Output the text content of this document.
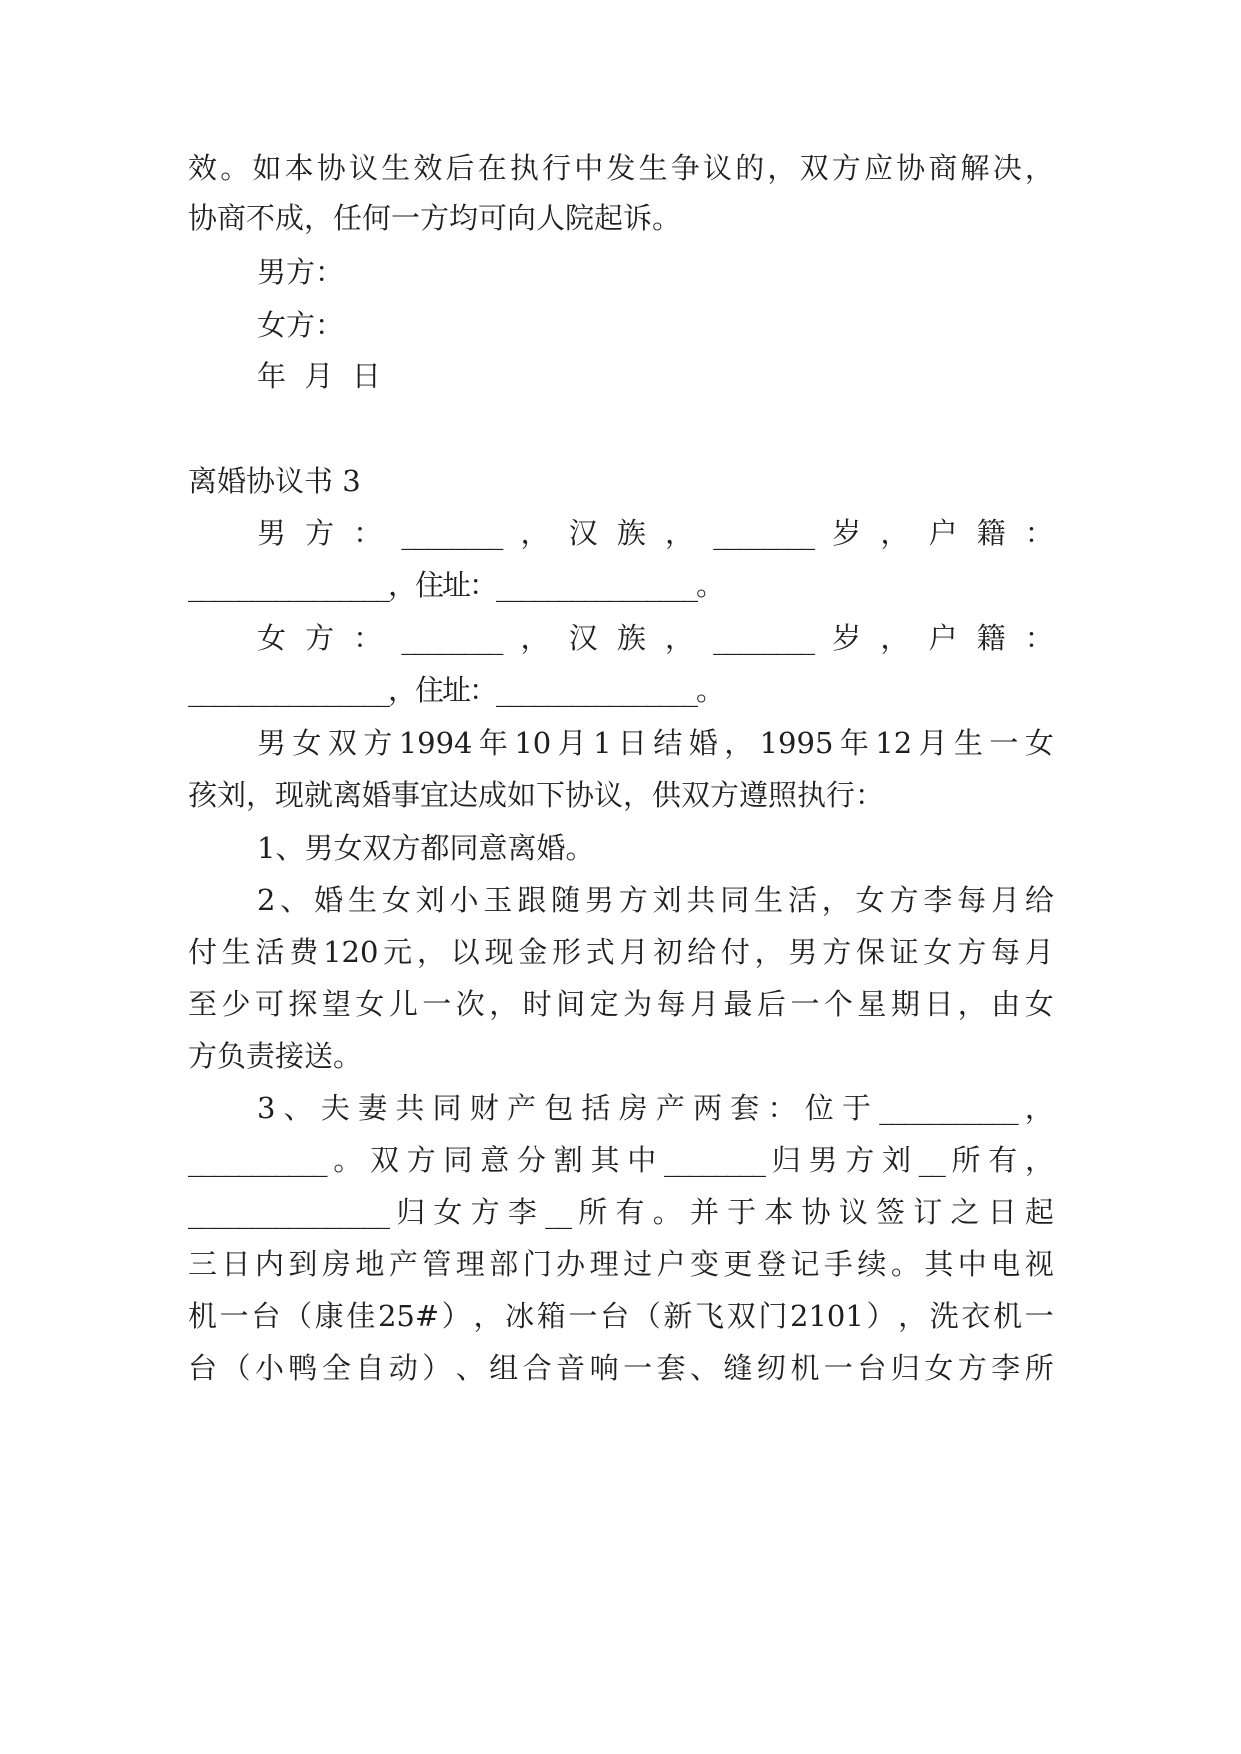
效 。 如 本 协 议 生 效 后 在 执 行 中 发 生 争 议 的 ， 双 方 应 协 商 解 决 ，
协商不成，任何一方均可向人院起诉。
男方：
女方：
年  月  日
离婚协议书 3
男 方 ： ________ ， 汉 族 ， ________ 岁 ， 户 籍 ：
________________，住址：________________。
女 方 ： ________ ， 汉 族 ， ________ 岁 ， 户 籍 ：
________________，住址：________________。
男 女 双 方 1994 年 10 月 1 日 结 婚 ， 1995 年 12 月 生 一 女
孩刘，现就离婚事宜达成如下协议，供双方遵照执行：
1、男女双方都同意离婚。
2 、 婚 生 女 刘 小 玉 跟 随 男 方 刘 共 同 生 活 ， 女 方 李 每 月 给
付 生 活 费 120 元 ， 以 现 金 形 式 月 初 给 付 ， 男 方 保 证 女 方 每 月
至 少 可 探 望 女 儿 一 次 ， 时 间 定 为 每 月 最 后 一 个 星 期 日 ， 由 女
方负责接送。
3 、 夫 妻 共 同 财 产 包 括 房 产 两 套 ： 位 于 ___________ ，
___________ 。 双 方 同 意 分 割 其 中 ________ 归 男 方 刘 __ 所 有 ，
________________ 归 女 方 李 __ 所 有 。 并 于 本 协 议 签 订 之 日 起
三 日 内 到 房 地 产 管 理 部 门 办 理 过 户 变 更 登 记 手 续 。 其 中 电 视
机 一 台 （ 康 佳 25# ） ， 冰 箱 一 台 （ 新 飞 双 门 2101 ） ， 洗 衣 机 一
台 （ 小 鸭 全 自 动 ） 、 组 合 音 响 一 套 、 缝 纫 机 一 台 归 女 方 李 所
